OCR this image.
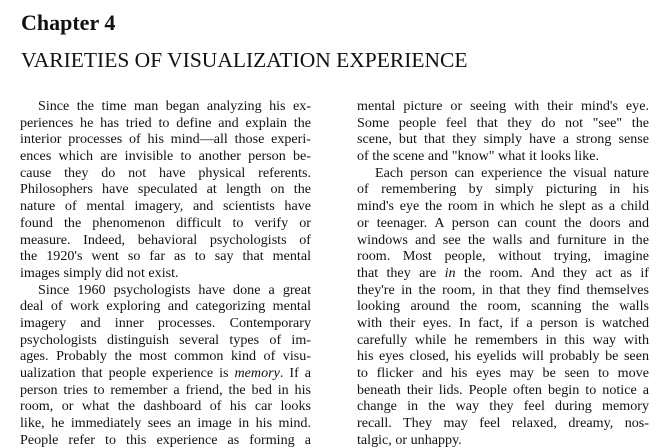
Chapter 4
VARIETIES OF VISUALIZATION EXPERIENCE
Since the time man began analyzing his ex-
periences he has tried to define and explain the
interior processes of his mind—all those experi-
ences which are invisible to another person be-
cause they do not have physical referents.
Philosophers have speculated at length on the
nature of mental imagery, and scientists have
found the phenomenon difficult to verify or
measure. Indeed, behavioral psychologists of
the 1920's went so far as to say that mental
images simply did not exist.
Since 1960 psychologists have done a great
deal of work exploring and categorizing mental
imagery and inner processes. Contemporary
psychologists distinguish several types of im-
ages. Probably the most common kind of visu-
ualization that people experience is memory. If a
person tries to remember a friend, the bed in his
room, or what the dashboard of his car looks
like, he immediately sees an image in his mind.
People refer to this experience as forming a
mental picture or seeing with their mind's eye.
Some people feel that they do not "see" the
scene, but that they simply have a strong sense
of the scene and "know" what it looks like.
Each person can experience the visual nature
of remembering by simply picturing in his
mind's eye the room in which he slept as a child
or teenager. A person can count the doors and
windows and see the walls and furniture in the
room. Most people, without trying, imagine
that they are in the room. And they act as if
they're in the room, in that they find themselves
looking around the room, scanning the walls
with their eyes. In fact, if a person is watched
carefully while he remembers in this way with
his eyes closed, his eyelids will probably be seen
to flicker and his eyes may be seen to move
beneath their lids. People often begin to notice a
change in the way they feel during memory
recall. They may feel relaxed, dreamy, nos-
talgic, or unhappy.
